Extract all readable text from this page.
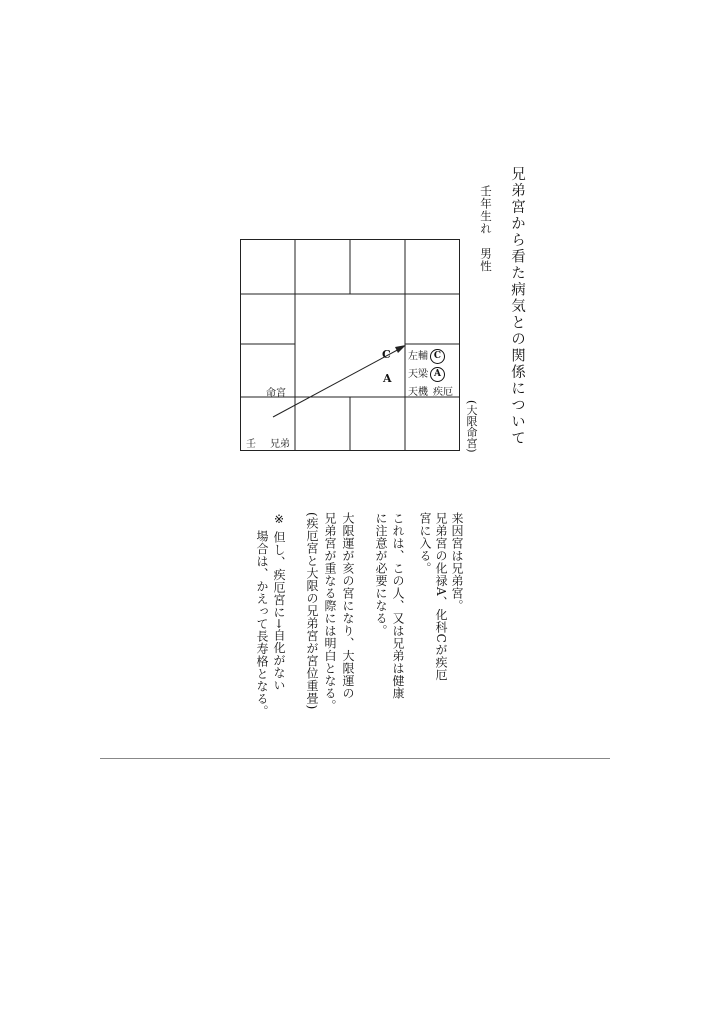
兄弟宮から看た病気との関係について
壬年生れ　男性
命宮
壬 兄弟
C
A
左輔 C
天梁 A
天機 疾厄
(大限命宮)
来因宮は兄弟宮。
兄弟宮の化禄A、化科Cが疾厄
宮に入る。
これは、この人、又は兄弟は健康
に注意が必要になる。
大限運が亥の宮になり、大限運の
兄弟宮が重なる際には明白となる。
(疾厄宮と大限の兄弟宮が宮位重畳)
※ 但し、疾厄宮に→自化がない
場合は、かえって長寿格となる。
